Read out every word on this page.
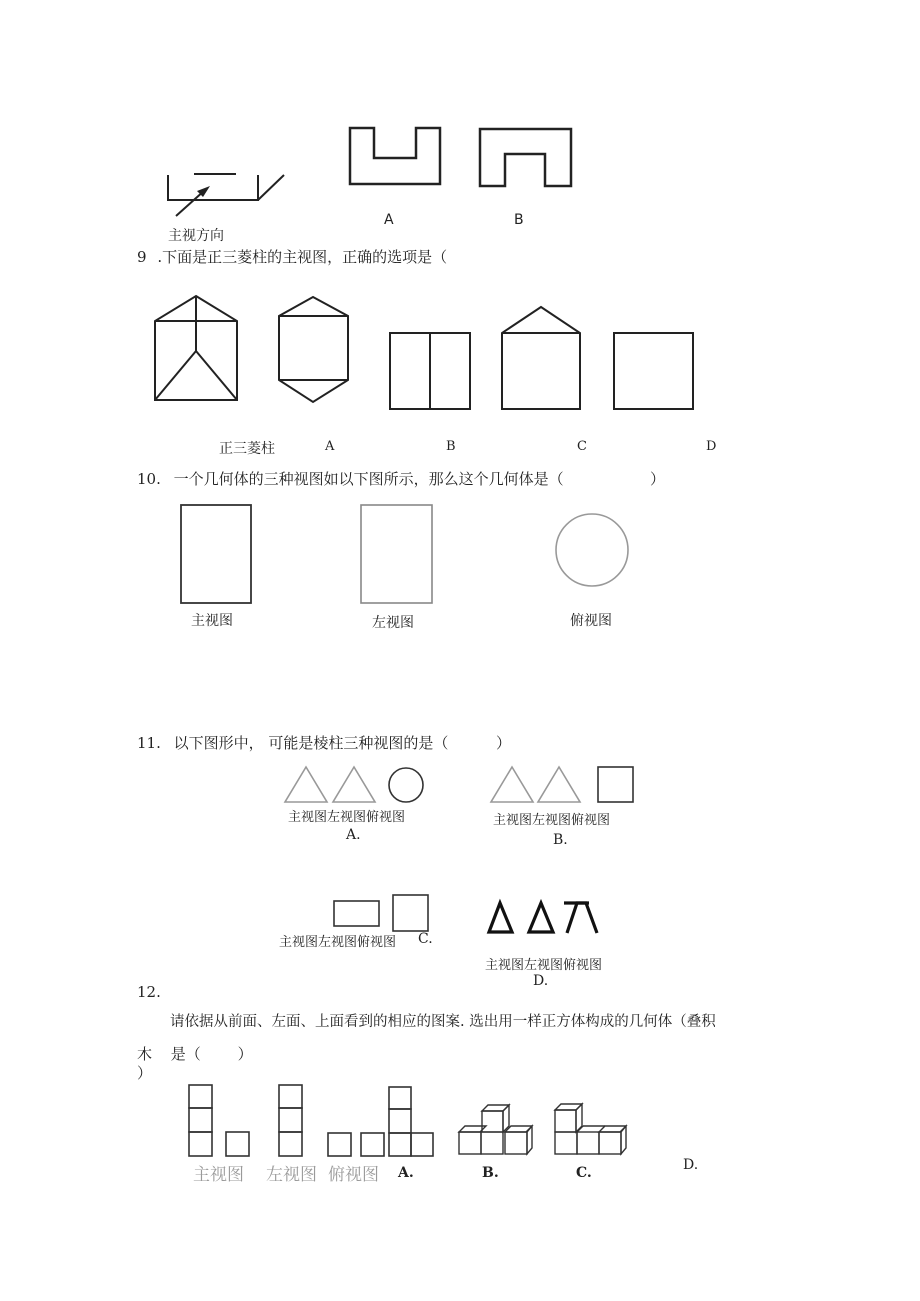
主视方向
A	B
9 .下面是正三菱柱的主视图，正确的选项是（
正三菱柱	A	B	C	D
10. 一个几何体的三种视图如以下图所示，那么这个几何体是（	）
主视图	左视图	俯视图
11. 以下图形中， 可能是棱柱三种视图的是（	）
主视图左视图俯视图
A.
主视图左视图俯视图
B.
主视图左视图俯视图 C.
主视图左视图俯视图
D.
12.
请依据从前面、左面、上面看到的相应的图案. 选出用一样正方体构成的几何体（叠积
木 是（ ）
）
主视图 左视图 俯视图 A.	B.	C.	D.
